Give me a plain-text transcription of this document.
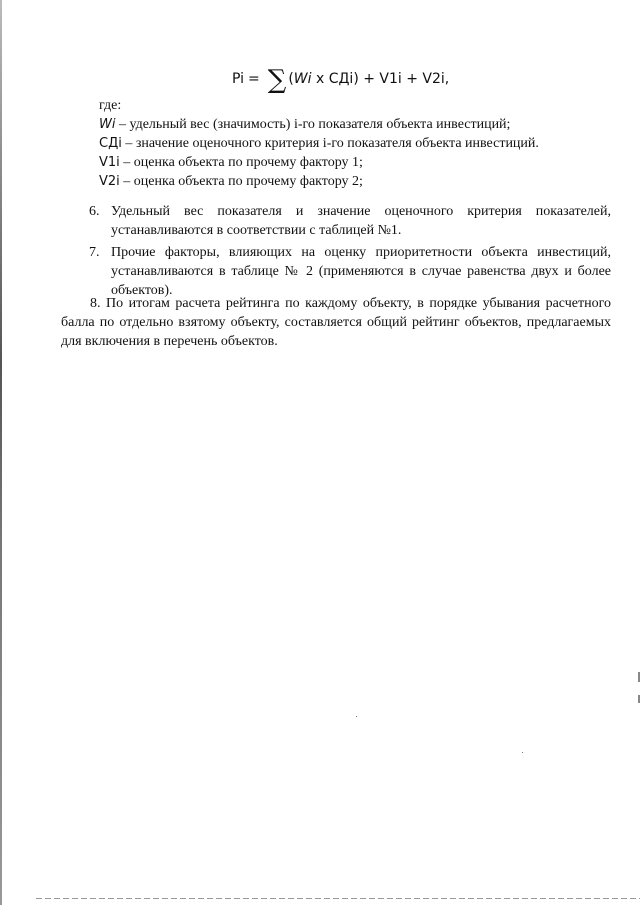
Pi = ∑ ( Wi x СДi ) + V1i + V2i,
где:
Wi – удельный вес (значимость) i-го показателя объекта инвестиций;
СДi – значение оценочного критерия i-го показателя объекта инвестиций.
V1i – оценка объекта по прочему фактору 1;
V2i – оценка объекта по прочему фактору 2;
6. Удельный вес показателя и значение оценочного критерия показателей, устанавливаются в соответствии с таблицей №1.
7. Прочие факторы, влияющих на оценку приоритетности объекта инвестиций, устанавливаются в таблице № 2 (применяются в случае равенства двух и более объектов).
8. По итогам расчета рейтинга по каждому объекту, в порядке убывания расчетного балла по отдельно взятому объекту, составляется общий рейтинг объектов, предлагаемых для включения в перечень объектов.
